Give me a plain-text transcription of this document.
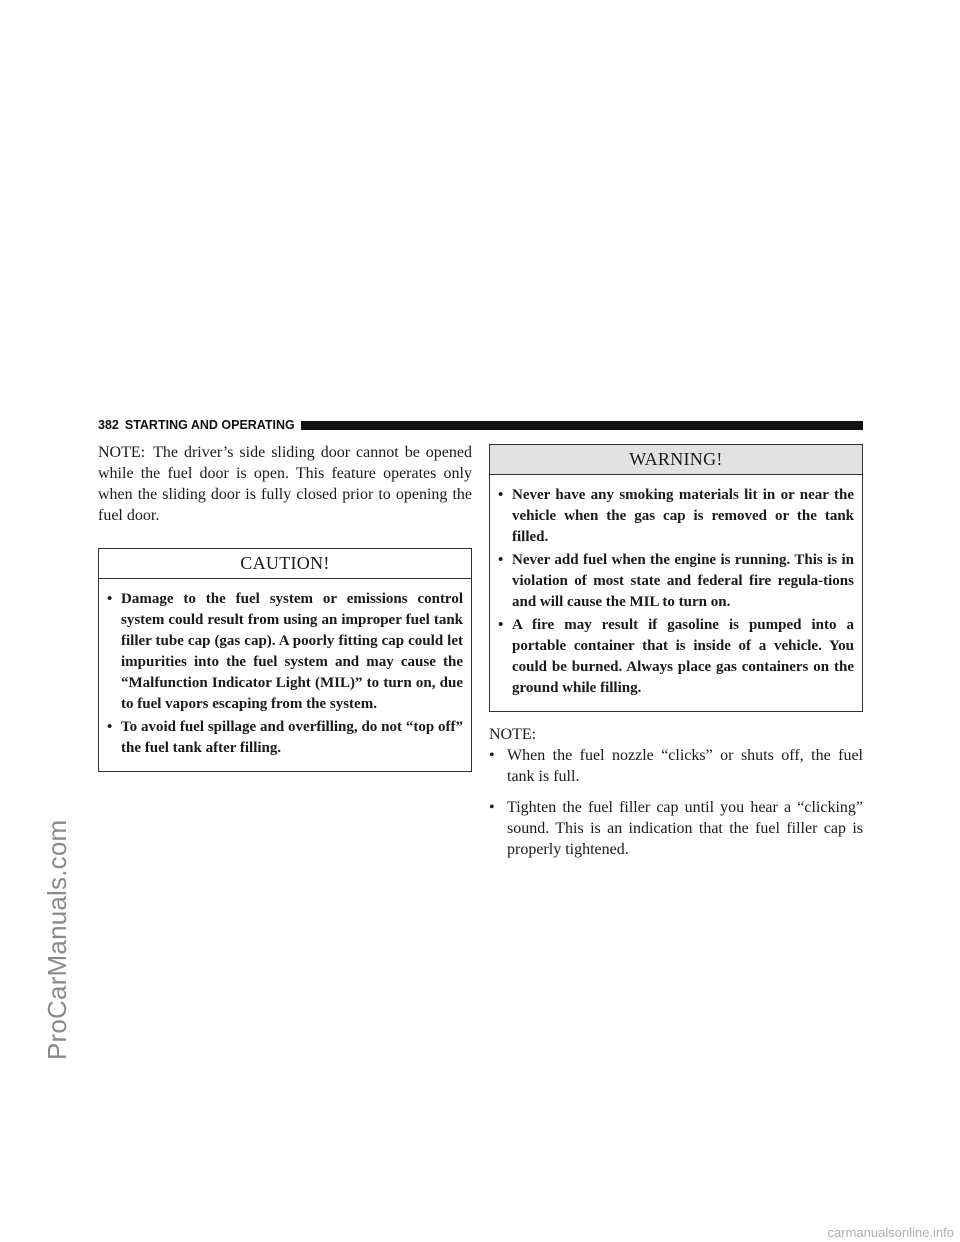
ProCarManuals.com
carmanualsonline.info
382 STARTING AND OPERATING

NOTE: The driver’s side sliding door cannot be opened while the fuel door is open. This feature operates only when the sliding door is fully closed prior to opening the fuel door.

CAUTION!
• Damage to the fuel system or emissions control system could result from using an improper fuel tank filler tube cap (gas cap). A poorly fitting cap could let impurities into the fuel system and may cause the “Malfunction Indicator Light (MIL)” to turn on, due to fuel vapors escaping from the system.
• To avoid fuel spillage and overfilling, do not “top off” the fuel tank after filling.
WARNING!
• Never have any smoking materials lit in or near the vehicle when the gas cap is removed or the tank filled.
• Never add fuel when the engine is running. This is in violation of most state and federal fire regula-tions and will cause the MIL to turn on.
• A fire may result if gasoline is pumped into a portable container that is inside of a vehicle. You could be burned. Always place gas containers on the ground while filling.
NOTE:
• When the fuel nozzle “clicks” or shuts off, the fuel tank is full.
• Tighten the fuel filler cap until you hear a “clicking” sound. This is an indication that the fuel filler cap is properly tightened.
